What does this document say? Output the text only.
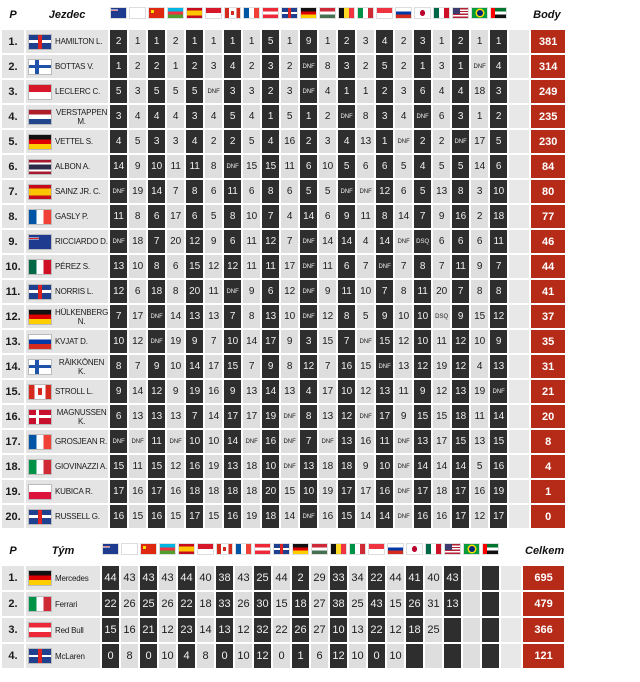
P	Jezdec																							Body
1.	HAMILTON L.	2	1	1	2	1	1	1	1	5	1	9	1	2	3	4	2	3	1	2	1	1		381
2.	BOTTAS V.	1	2	2	1	2	3	4	2	3	2	DNF	8	3	2	5	2	1	3	1	DNF	4		314
3.	LECLERC C.	5	3	5	5	5	DNF	3	3	2	3	DNF	4	1	1	2	3	6	4	4	18	3		249
4.	VERSTAPPEN M.	3	4	4	4	3	4	5	4	1	5	1	2	DNF	8	3	4	DNF	6	3	1	2		235
5.	VETTEL S.	4	5	3	3	4	2	2	5	4	16	2	3	4	13	1	DNF	2	2	DNF	17	5		230
6.	ALBON A.	14	9	10	11	11	8	DNF	15	15	11	6	10	5	6	6	5	4	5	5	14	6		84
7.	SAINZ JR. C.	DNF	19	14	7	8	6	11	6	8	6	5	5	DNF	DNF	12	6	5	13	8	3	10		80
8.	GASLY P.	11	8	6	17	6	5	8	10	7	4	14	6	9	11	8	14	7	9	16	2	18		77
9.	RICCIARDO D.	DNF	18	7	20	12	9	6	11	12	7	DNF	14	14	4	14	DNF	DSQ	6	6	6	11		46
10.	PÉREZ S.	13	10	8	6	15	12	12	11	11	17	DNF	11	6	7	DNF	7	8	7	11	9	7		44
11.	NORRIS L.	12	6	18	8	20	11	DNF	9	6	12	DNF	9	11	10	7	8	11	20	7	8	8		41
12.	HÜLKENBERG N.	7	17	DNF	14	13	13	7	8	13	10	DNF	12	8	5	9	10	10	DSQ	9	15	12		37
13.	KVJAT D.	10	12	DNF	19	9	7	10	14	17	9	3	15	7	DNF	15	12	10	11	12	10	9		35
14.	RÄIKKÖNEN K.	8	7	9	10	14	17	15	7	9	8	12	7	16	15	DNF	13	12	19	12	4	13		31
15.	STROLL L.	9	14	12	9	19	16	9	13	14	13	4	17	10	12	13	11	9	12	13	19	DNF		21
16.	MAGNUSSEN K.	6	13	13	13	7	14	17	17	19	DNF	8	13	12	DNF	17	9	15	15	18	11	14		20
17.	GROSJEAN R.	DNF	DNF	11	DNF	10	10	14	DNF	16	DNF	7	DNF	13	16	11	DNF	13	17	15	13	15		8
18.	GIOVINAZZI A.	15	11	15	12	16	19	13	18	10	DNF	13	18	18	9	10	DNF	14	14	14	5	16		4
19.	KUBICA R.	17	16	17	16	18	18	18	18	20	15	10	19	17	17	16	DNF	17	18	17	16	19		1
20.	RUSSELL G.	16	15	16	15	17	15	16	19	18	14	DNF	16	15	14	14	DNF	16	16	17	12	17		0
P	Tým																							Celkem
1.	Mercedes	44	43	43	43	44	40	38	43	25	44	2	29	33	34	22	44	41	40	43				695
2.	Ferrari	22	26	25	26	22	18	33	26	30	15	18	27	38	25	43	15	26	31	13				479
3.	Red Bull	15	16	21	12	23	14	13	12	32	22	26	27	10	13	22	12	18	25					366
4.	McLaren	0	8	0	10	4	8	0	10	12	0	1	6	12	10	0	10							121
